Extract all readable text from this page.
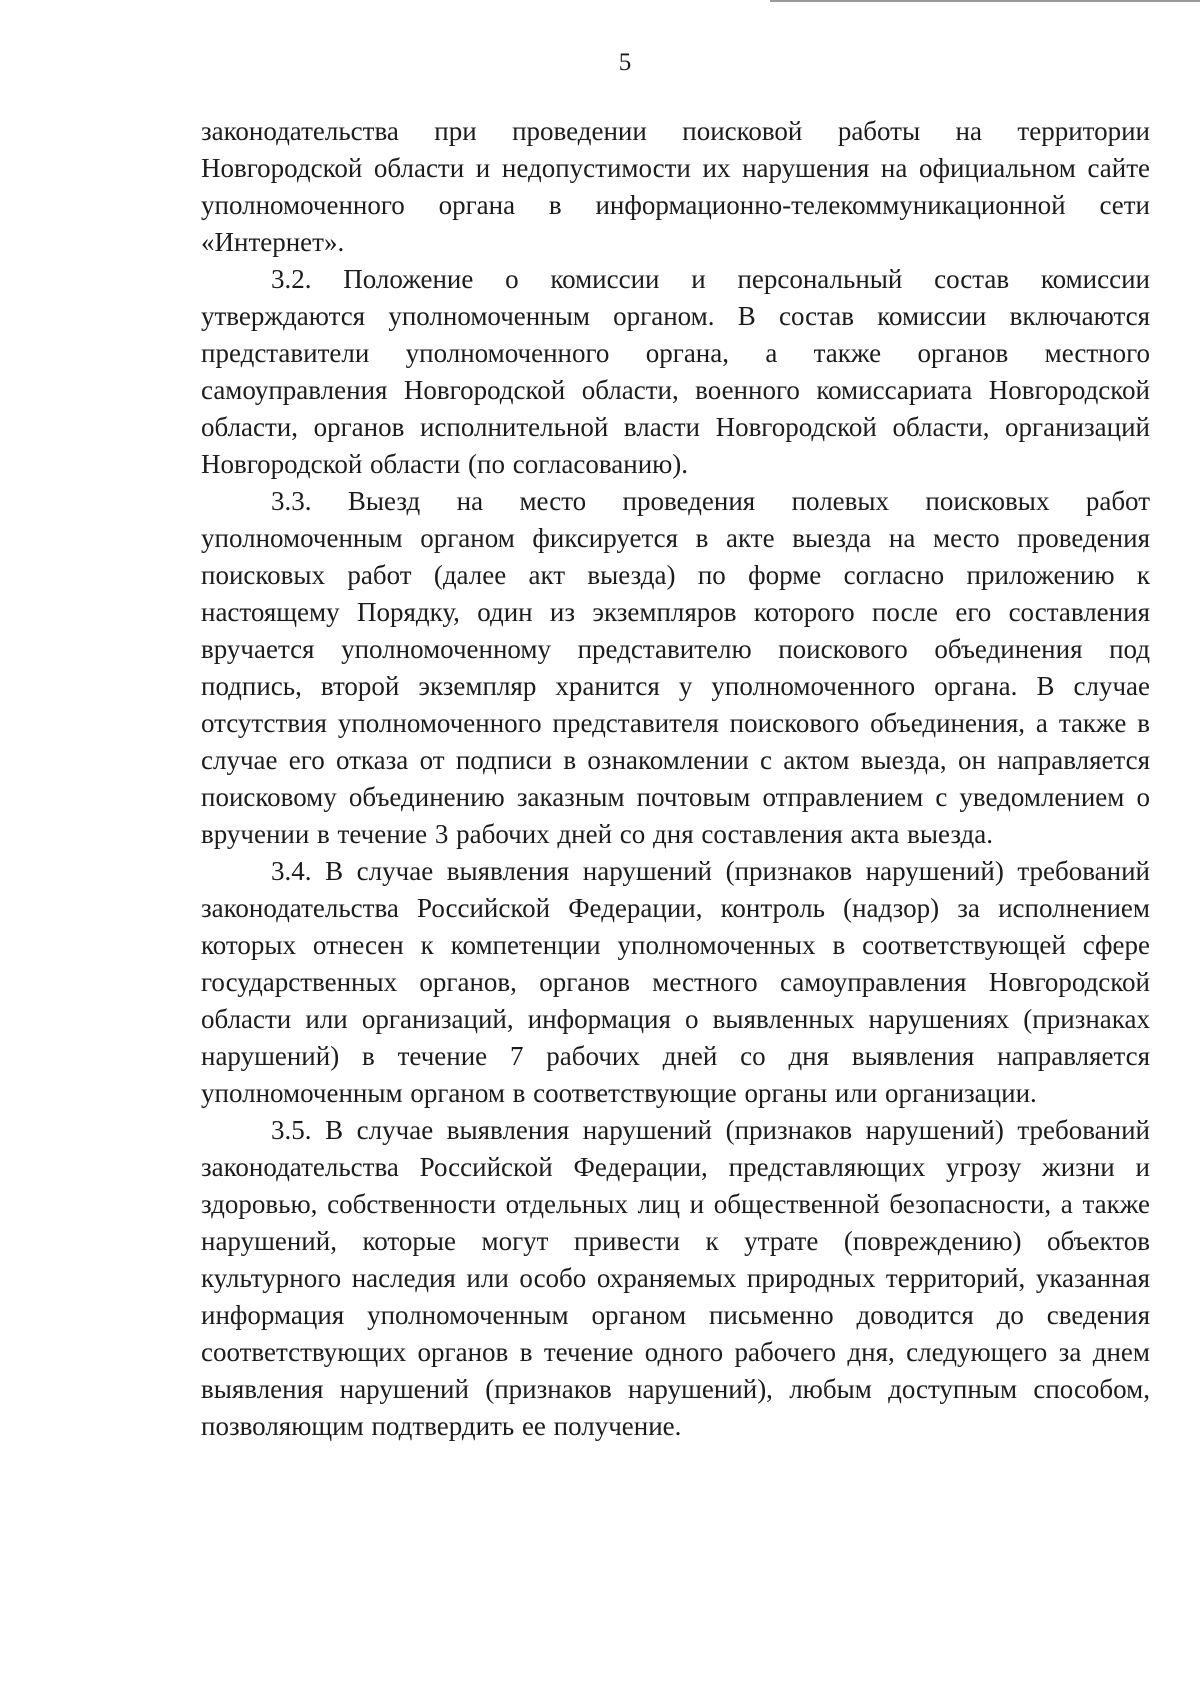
5

законодательства при проведении поисковой работы на территории Новгородской области и недопустимости их нарушения на официальном сайте уполномоченного органа в информационно-телекоммуникационной сети «Интернет».

3.2. Положение о комиссии и персональный состав комиссии утверждаются уполномоченным органом. В состав комиссии включаются представители уполномоченного органа, а также органов местного самоуправления Новгородской области, военного комиссариата Новгородской области, органов исполнительной власти Новгородской области, организаций Новгородской области (по согласованию).

3.3. Выезд на место проведения полевых поисковых работ уполномоченным органом фиксируется в акте выезда на место проведения поисковых работ (далее акт выезда) по форме согласно приложению к настоящему Порядку, один из экземпляров которого после его составления вручается уполномоченному представителю поискового объединения под подпись, второй экземпляр хранится у уполномоченного органа. В случае отсутствия уполномоченного представителя поискового объединения, а также в случае его отказа от подписи в ознакомлении с актом выезда, он направляется поисковому объединению заказным почтовым отправлением с уведомлением о вручении в течение 3 рабочих дней со дня составления акта выезда.

3.4. В случае выявления нарушений (признаков нарушений) требований законодательства Российской Федерации, контроль (надзор) за исполнением которых отнесен к компетенции уполномоченных в соответствующей сфере государственных органов, органов местного самоуправления Новгородской области или организаций, информация о выявленных нарушениях (признаках нарушений) в течение 7 рабочих дней со дня выявления направляется уполномоченным органом в соответствующие органы или организации.

3.5. В случае выявления нарушений (признаков нарушений) требований законодательства Российской Федерации, представляющих угрозу жизни и здоровью, собственности отдельных лиц и общественной безопасности, а также нарушений, которые могут привести к утрате (повреждению) объектов культурного наследия или особо охраняемых природных территорий, указанная информация уполномоченным органом письменно доводится до сведения соответствующих органов в течение одного рабочего дня, следующего за днем выявления нарушений (признаков нарушений), любым доступным способом, позволяющим подтвердить ее получение.
